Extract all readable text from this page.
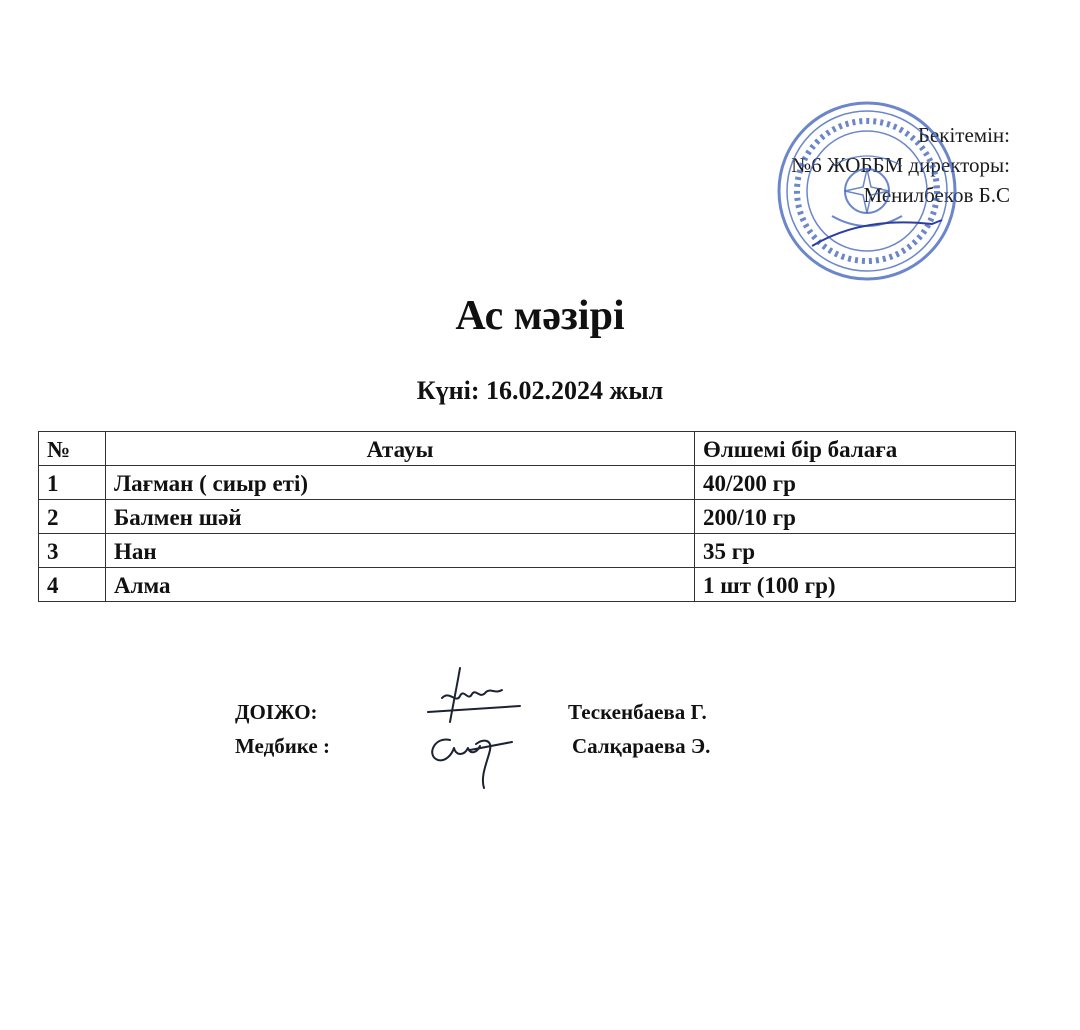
Бекітемін:
№6 ЖОББМ директоры:
Менилбеков Б.С
Ас мәзірі
Күні: 16.02.2024 жыл
№	Атауы	Өлшемі бір балаға
1	Лағман ( сиыр еті)	40/200 гр
2	Балмен шәй	200/10 гр
3	Нан	35 гр
4	Алма	1 шт (100 гр)
ДОІЖО:	Тескенбаева Г.
Медбике :	Салқараева Э.
